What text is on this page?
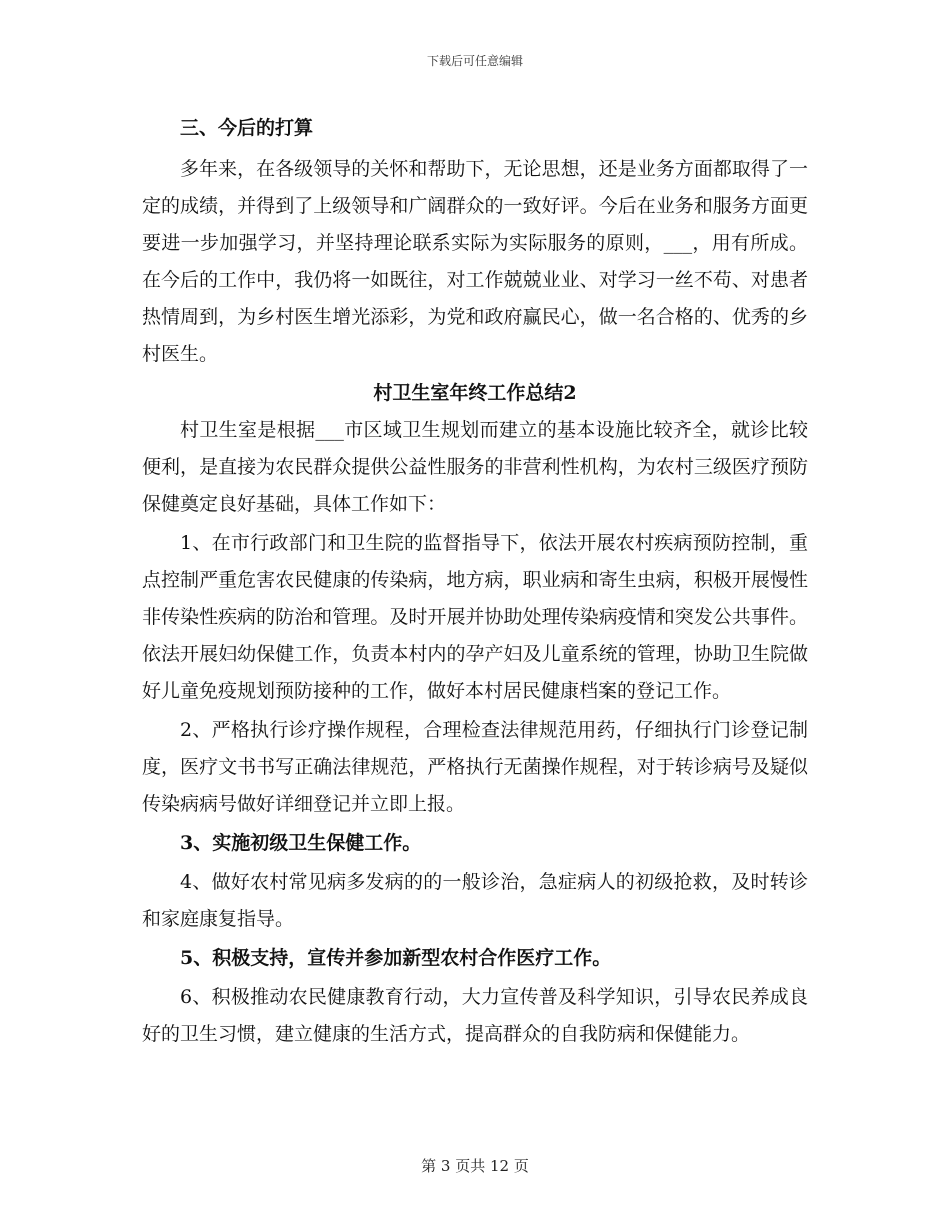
下载后可任意编辑

三、今后的打算

多年来，在各级领导的关怀和帮助下，无论思想，还是业务方面都取得了一定的成绩，并得到了上级领导和广阔群众的一致好评。今后在业务和服务方面更要进一步加强学习，并坚持理论联系实际为实际服务的原则，___，用有所成。在今后的工作中，我仍将一如既往，对工作兢兢业业、对学习一丝不苟、对患者热情周到，为乡村医生增光添彩，为党和政府赢民心，做一名合格的、优秀的乡村医生。

村卫生室年终工作总结2

村卫生室是根据___市区域卫生规划而建立的基本设施比较齐全，就诊比较便利，是直接为农民群众提供公益性服务的非营利性机构，为农村三级医疗预防保健奠定良好基础，具体工作如下：

1、在市行政部门和卫生院的监督指导下，依法开展农村疾病预防控制，重点控制严重危害农民健康的传染病，地方病，职业病和寄生虫病，积极开展慢性非传染性疾病的防治和管理。及时开展并协助处理传染病疫情和突发公共事件。依法开展妇幼保健工作，负责本村内的孕产妇及儿童系统的管理，协助卫生院做好儿童免疫规划预防接种的工作，做好本村居民健康档案的登记工作。

2、严格执行诊疗操作规程，合理检查法律规范用药，仔细执行门诊登记制度，医疗文书书写正确法律规范，严格执行无菌操作规程，对于转诊病号及疑似传染病病号做好详细登记并立即上报。

3、实施初级卫生保健工作。

4、做好农村常见病多发病的的一般诊治，急症病人的初级抢救，及时转诊和家庭康复指导。

5、积极支持，宣传并参加新型农村合作医疗工作。

6、积极推动农民健康教育行动，大力宣传普及科学知识，引导农民养成良好的卫生习惯，建立健康的生活方式，提高群众的自我防病和保健能力。

第 3 页共 12 页
